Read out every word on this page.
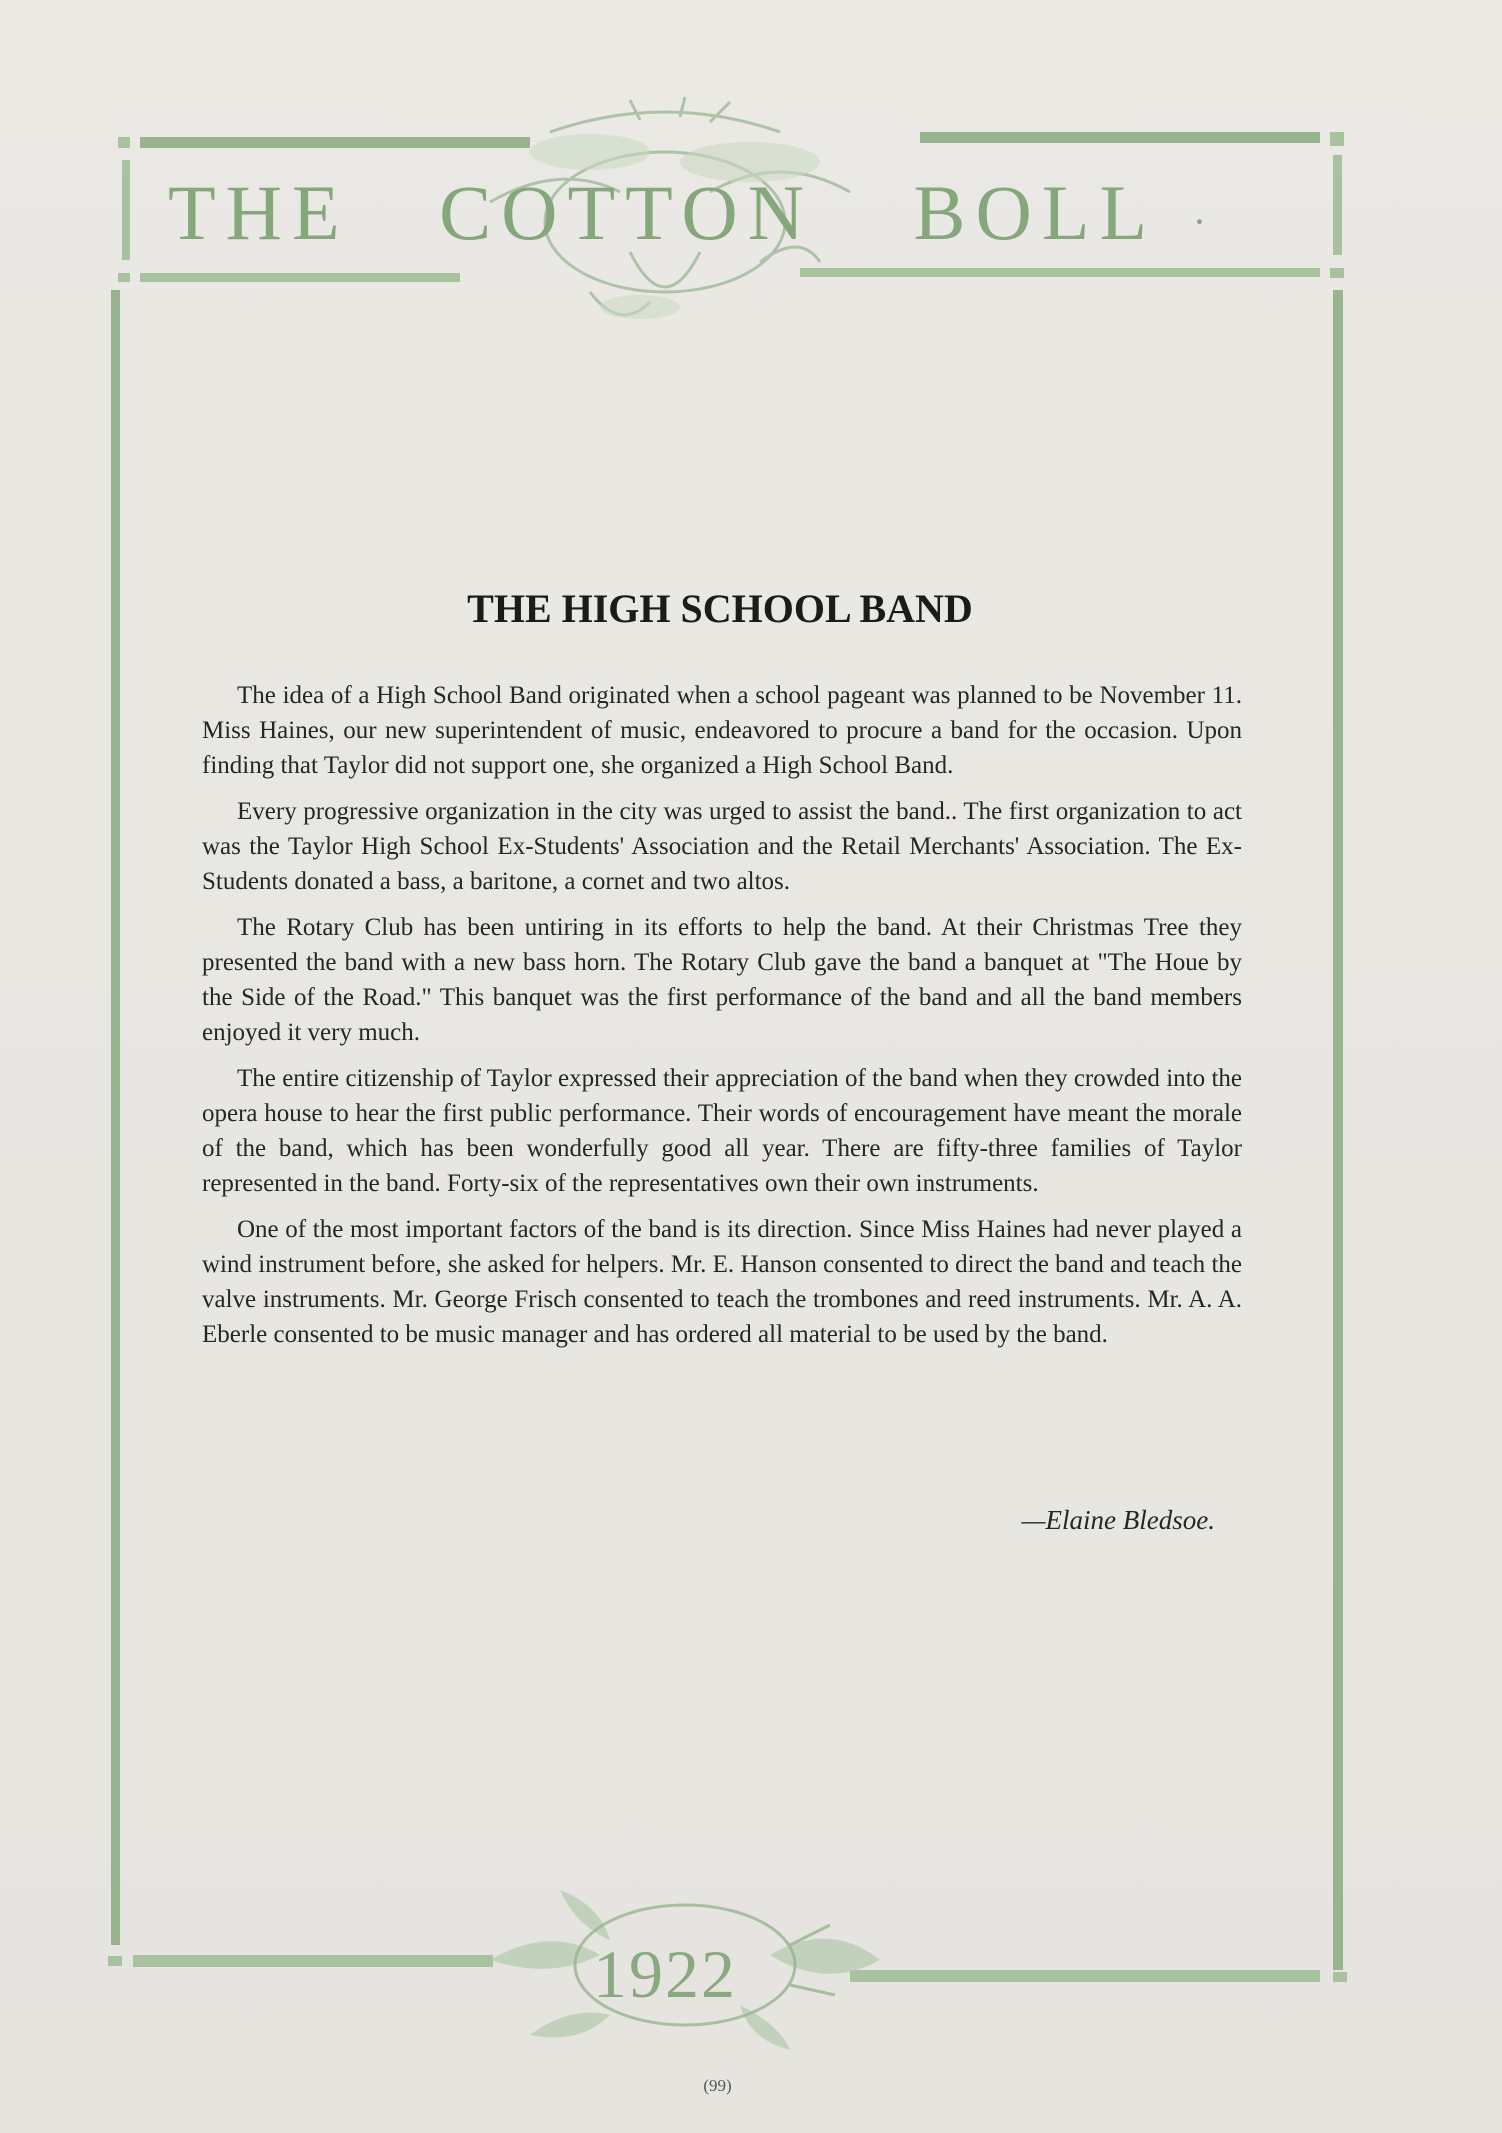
THE COTTON BOLL ·
THE HIGH SCHOOL BAND

The idea of a High School Band originated when a school pageant was planned to be November 11. Miss Haines, our new superintendent of music, endeavored to procure a band for the occasion. Upon finding that Taylor did not support one, she organized a High School Band.

Every progressive organization in the city was urged to assist the band.. The first organization to act was the Taylor High School Ex-Students' Association and the Retail Merchants' Association. The Ex-Students donated a bass, a baritone, a cornet and two altos.

The Rotary Club has been untiring in its efforts to help the band. At their Christmas Tree they presented the band with a new bass horn. The Rotary Club gave the band a banquet at "The Houe by the Side of the Road." This banquet was the first performance of the band and all the band members enjoyed it very much.

The entire citizenship of Taylor expressed their appreciation of the band when they crowded into the opera house to hear the first public performance. Their words of encouragement have meant the morale of the band, which has been wonderfully good all year. There are fifty-three families of Taylor represented in the band. Forty-six of the representatives own their own instruments.

One of the most important factors of the band is its direction. Since Miss Haines had never played a wind instrument before, she asked for helpers. Mr. E. Hanson consented to direct the band and teach the valve instruments. Mr. George Frisch consented to teach the trombones and reed instruments. Mr. A. A. Eberle consented to be music manager and has ordered all material to be used by the band.

—Elaine Bledsoe.
1922
(99)
